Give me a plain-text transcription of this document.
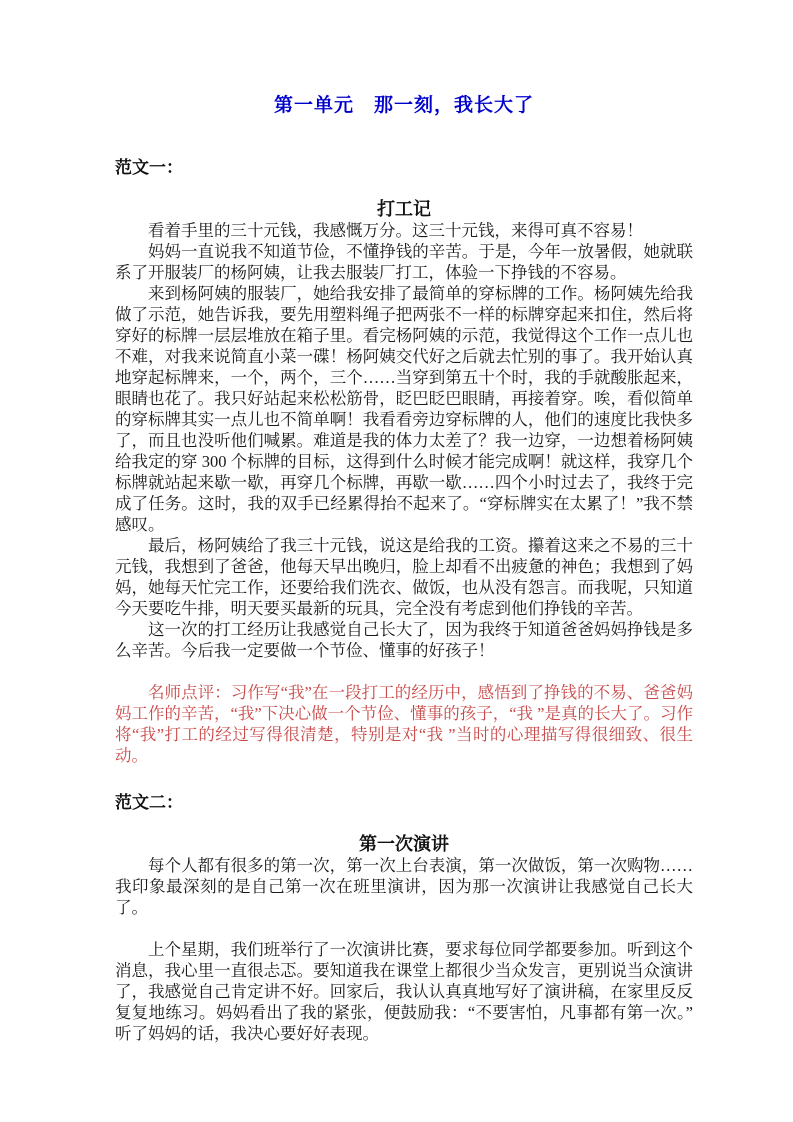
第一单元　那一刻，我长大了
范文一：
打工记

看着手里的三十元钱，我感慨万分。这三十元钱，来得可真不容易！

妈妈一直说我不知道节俭，不懂挣钱的辛苦。于是，今年一放暑假，她就联系了开服装厂的杨阿姨，让我去服装厂打工，体验一下挣钱的不容易。

来到杨阿姨的服装厂，她给我安排了最简单的穿标牌的工作。杨阿姨先给我做了示范，她告诉我，要先用塑料绳子把两张不一样的标牌穿起来扣住，然后将穿好的标牌一层层堆放在箱子里。看完杨阿姨的示范，我觉得这个工作一点儿也不难，对我来说简直小菜一碟！杨阿姨交代好之后就去忙别的事了。我开始认真地穿起标牌来，一个，两个，三个……当穿到第五十个时，我的手就酸胀起来，眼睛也花了。我只好站起来松松筋骨，眨巴眨巴眼睛，再接着穿。唉，看似简单的穿标牌其实一点儿也不简单啊！我看看旁边穿标牌的人，他们的速度比我快多了，而且也没听他们喊累。难道是我的体力太差了？我一边穿，一边想着杨阿姨给我定的穿 300 个标牌的目标，这得到什么时候才能完成啊！就这样，我穿几个标牌就站起来歇一歇，再穿几个标牌，再歇一歇……四个小时过去了，我终于完成了任务。这时，我的双手已经累得抬不起来了。“穿标牌实在太累了！”我不禁感叹。

最后，杨阿姨给了我三十元钱，说这是给我的工资。攥着这来之不易的三十元钱，我想到了爸爸，他每天早出晚归，脸上却看不出疲惫的神色；我想到了妈妈，她每天忙完工作，还要给我们洗衣、做饭，也从没有怨言。而我呢，只知道今天要吃牛排，明天要买最新的玩具，完全没有考虑到他们挣钱的辛苦。

这一次的打工经历让我感觉自己长大了，因为我终于知道爸爸妈妈挣钱是多么辛苦。今后我一定要做一个节俭、懂事的好孩子！

名师点评：习作写“我”在一段打工的经历中，感悟到了挣钱的不易、爸爸妈妈工作的辛苦，“我”下决心做一个节俭、懂事的孩子，“我 ”是真的长大了。习作将“我”打工的经过写得很清楚，特别是对“我 ”当时的心理描写得很细致、很生动。

范文二：
第一次演讲

每个人都有很多的第一次，第一次上台表演，第一次做饭，第一次购物……我印象最深刻的是自己第一次在班里演讲，因为那一次演讲让我感觉自己长大了。

上个星期，我们班举行了一次演讲比赛，要求每位同学都要参加。听到这个消息，我心里一直很忐忑。要知道我在课堂上都很少当众发言，更别说当众演讲了，我感觉自己肯定讲不好。回家后，我认认真真地写好了演讲稿，在家里反反复复地练习。妈妈看出了我的紧张，便鼓励我：“不要害怕，凡事都有第一次。”听了妈妈的话，我决心要好好表现。
